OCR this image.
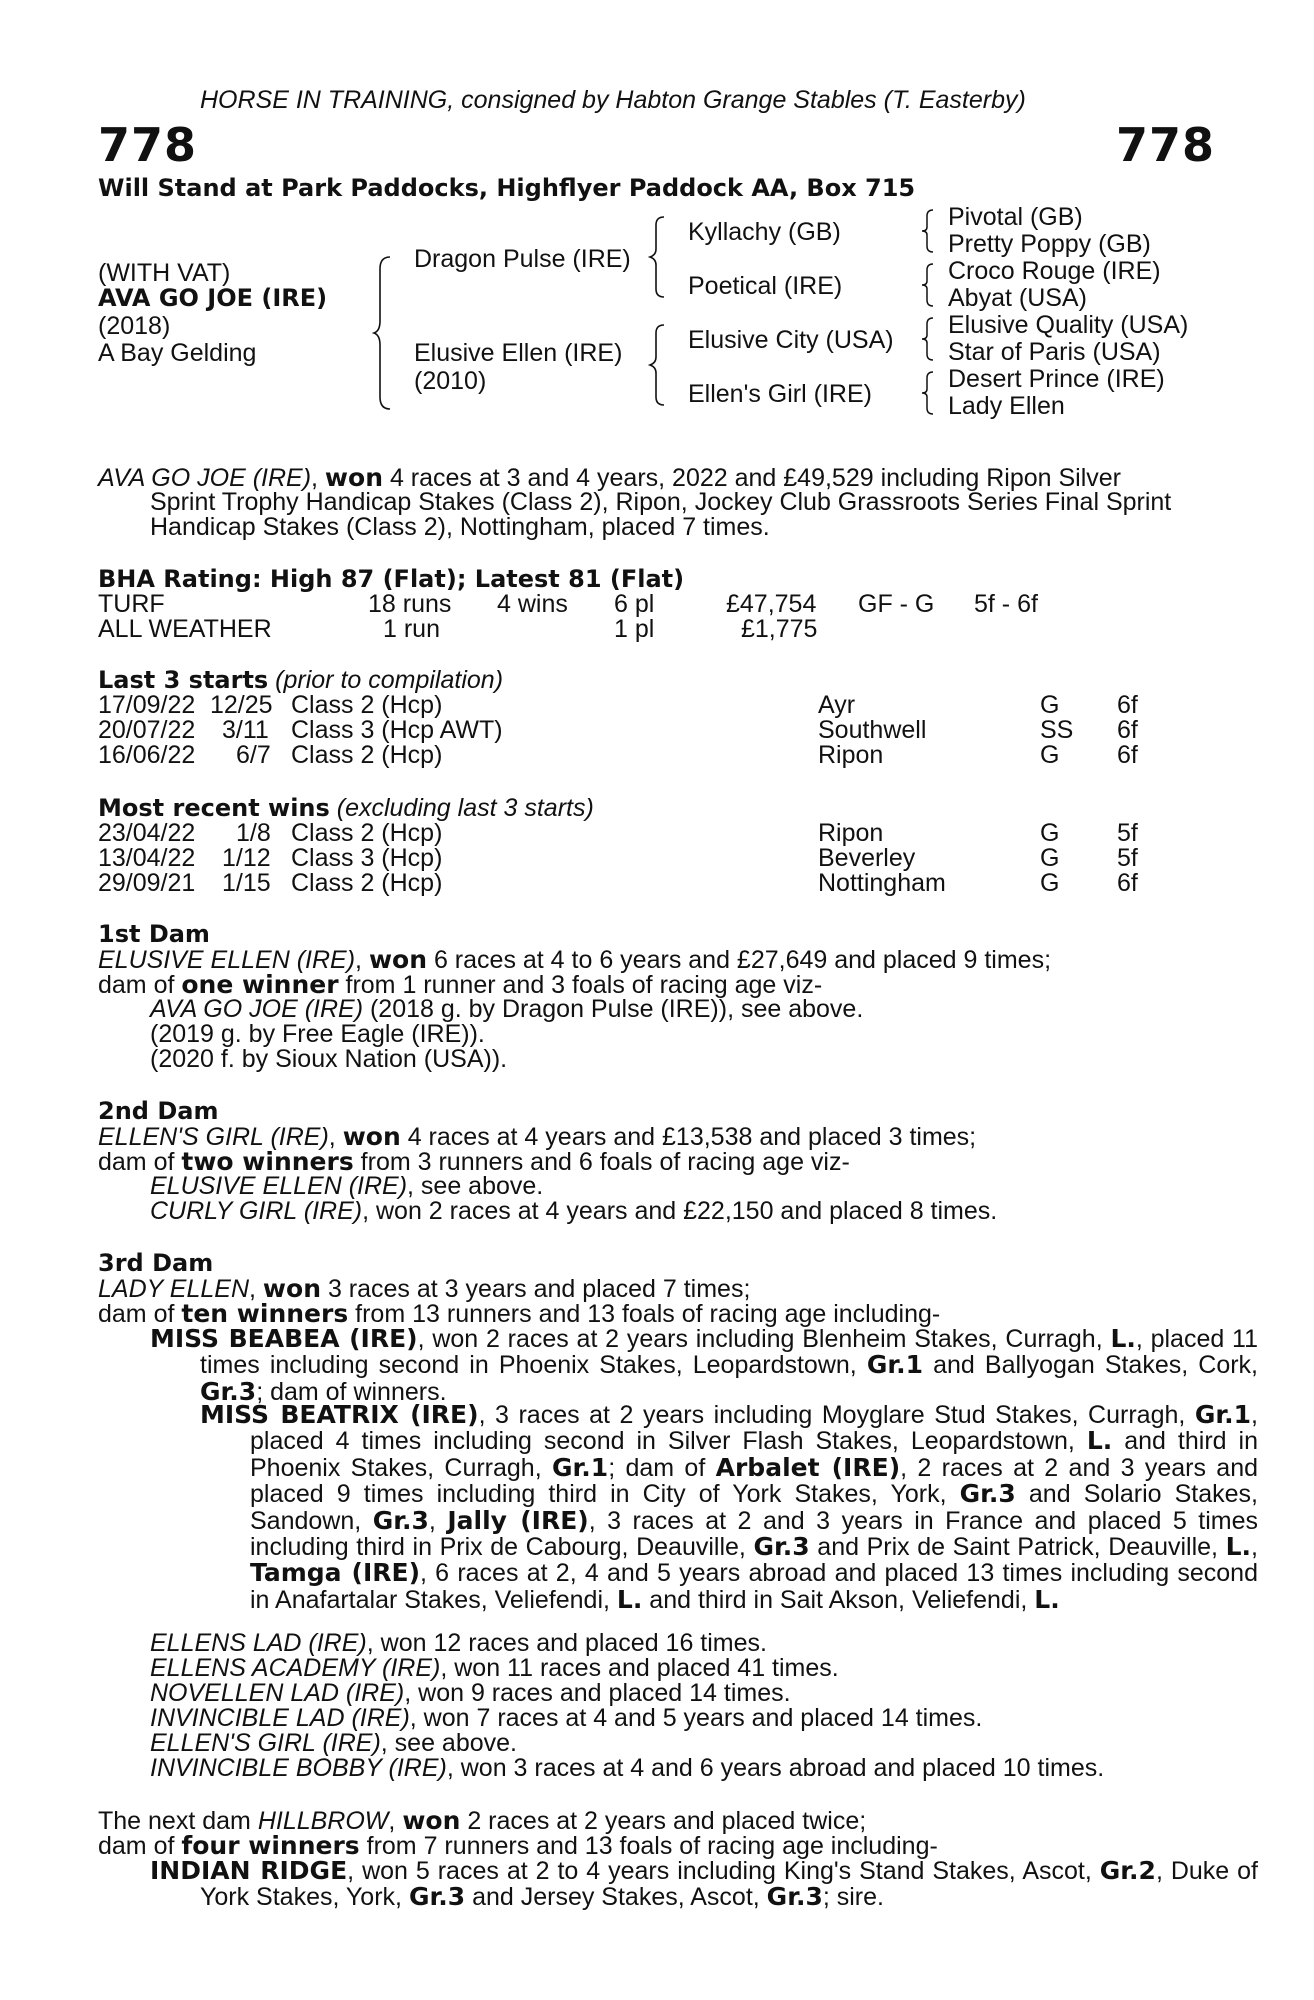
HORSE IN TRAINING, consigned by Habton Grange Stables (T. Easterby)
778	778
Will Stand at Park Paddocks, Highflyer Paddock AA, Box 715
(WITH VAT)
AVA GO JOE (IRE)
(2018)
A Bay Gelding
Dragon Pulse (IRE)
Elusive Ellen (IRE)
(2010)
Kyllachy (GB)
Poetical (IRE)
Elusive City (USA)
Ellen's Girl (IRE)
Pivotal (GB)
Pretty Poppy (GB)
Croco Rouge (IRE)
Abyat (USA)
Elusive Quality (USA)
Star of Paris (USA)
Desert Prince (IRE)
Lady Ellen
AVA GO JOE (IRE), won 4 races at 3 and 4 years, 2022 and £49,529 including Ripon Silver
Sprint Trophy Handicap Stakes (Class 2), Ripon, Jockey Club Grassroots Series Final Sprint
Handicap Stakes (Class 2), Nottingham, placed 7 times.
BHA Rating: High 87 (Flat); Latest 81 (Flat)
TURF	18 runs 4 wins 6 pl	£47,754 GF - G 5f - 6f
ALL WEATHER	1 run	1 pl	£1,775
Last 3 starts (prior to compilation)
17/09/22 12/25 Class 2 (Hcp)	Ayr	G 6f
20/07/22 3/11 Class 3 (Hcp AWT)	Southwell	SS 6f
16/06/22 6/7 Class 2 (Hcp)	Ripon	G 6f
Most recent wins (excluding last 3 starts)
23/04/22 1/8 Class 2 (Hcp)	Ripon	G 5f
13/04/22 1/12 Class 3 (Hcp)	Beverley	G 5f
29/09/21 1/15 Class 2 (Hcp)	Nottingham	G 6f
1st Dam
ELUSIVE ELLEN (IRE), won 6 races at 4 to 6 years and £27,649 and placed 9 times;
dam of one winner from 1 runner and 3 foals of racing age viz-
AVA GO JOE (IRE) (2018 g. by Dragon Pulse (IRE)), see above.
(2019 g. by Free Eagle (IRE)).
(2020 f. by Sioux Nation (USA)).
2nd Dam
ELLEN'S GIRL (IRE), won 4 races at 4 years and £13,538 and placed 3 times;
dam of two winners from 3 runners and 6 foals of racing age viz-
ELUSIVE ELLEN (IRE), see above.
CURLY GIRL (IRE), won 2 races at 4 years and £22,150 and placed 8 times.
3rd Dam
LADY ELLEN, won 3 races at 3 years and placed 7 times;
dam of ten winners from 13 runners and 13 foals of racing age including-
MISS BEABEA (IRE), won 2 races at 2 years including Blenheim Stakes, Curragh, L., placed 11 times including second in Phoenix Stakes, Leopardstown, Gr.1 and Ballyogan Stakes, Cork, Gr.3; dam of winners.
MISS BEATRIX (IRE), 3 races at 2 years including Moyglare Stud Stakes, Curragh, Gr.1, placed 4 times including second in Silver Flash Stakes, Leopardstown, L. and third in Phoenix Stakes, Curragh, Gr.1; dam of Arbalet (IRE), 2 races at 2 and 3 years and placed 9 times including third in City of York Stakes, York, Gr.3 and Solario Stakes, Sandown, Gr.3, Jally (IRE), 3 races at 2 and 3 years in France and placed 5 times including third in Prix de Cabourg, Deauville, Gr.3 and Prix de Saint Patrick, Deauville, L., Tamga (IRE), 6 races at 2, 4 and 5 years abroad and placed 13 times including second in Anafartalar Stakes, Veliefendi, L. and third in Sait Akson, Veliefendi, L.
ELLENS LAD (IRE), won 12 races and placed 16 times.
ELLENS ACADEMY (IRE), won 11 races and placed 41 times.
NOVELLEN LAD (IRE), won 9 races and placed 14 times.
INVINCIBLE LAD (IRE), won 7 races at 4 and 5 years and placed 14 times.
ELLEN'S GIRL (IRE), see above.
INVINCIBLE BOBBY (IRE), won 3 races at 4 and 6 years abroad and placed 10 times.
The next dam HILLBROW, won 2 races at 2 years and placed twice;
dam of four winners from 7 runners and 13 foals of racing age including-
INDIAN RIDGE, won 5 races at 2 to 4 years including King's Stand Stakes, Ascot, Gr.2, Duke of York Stakes, York, Gr.3 and Jersey Stakes, Ascot, Gr.3; sire.
